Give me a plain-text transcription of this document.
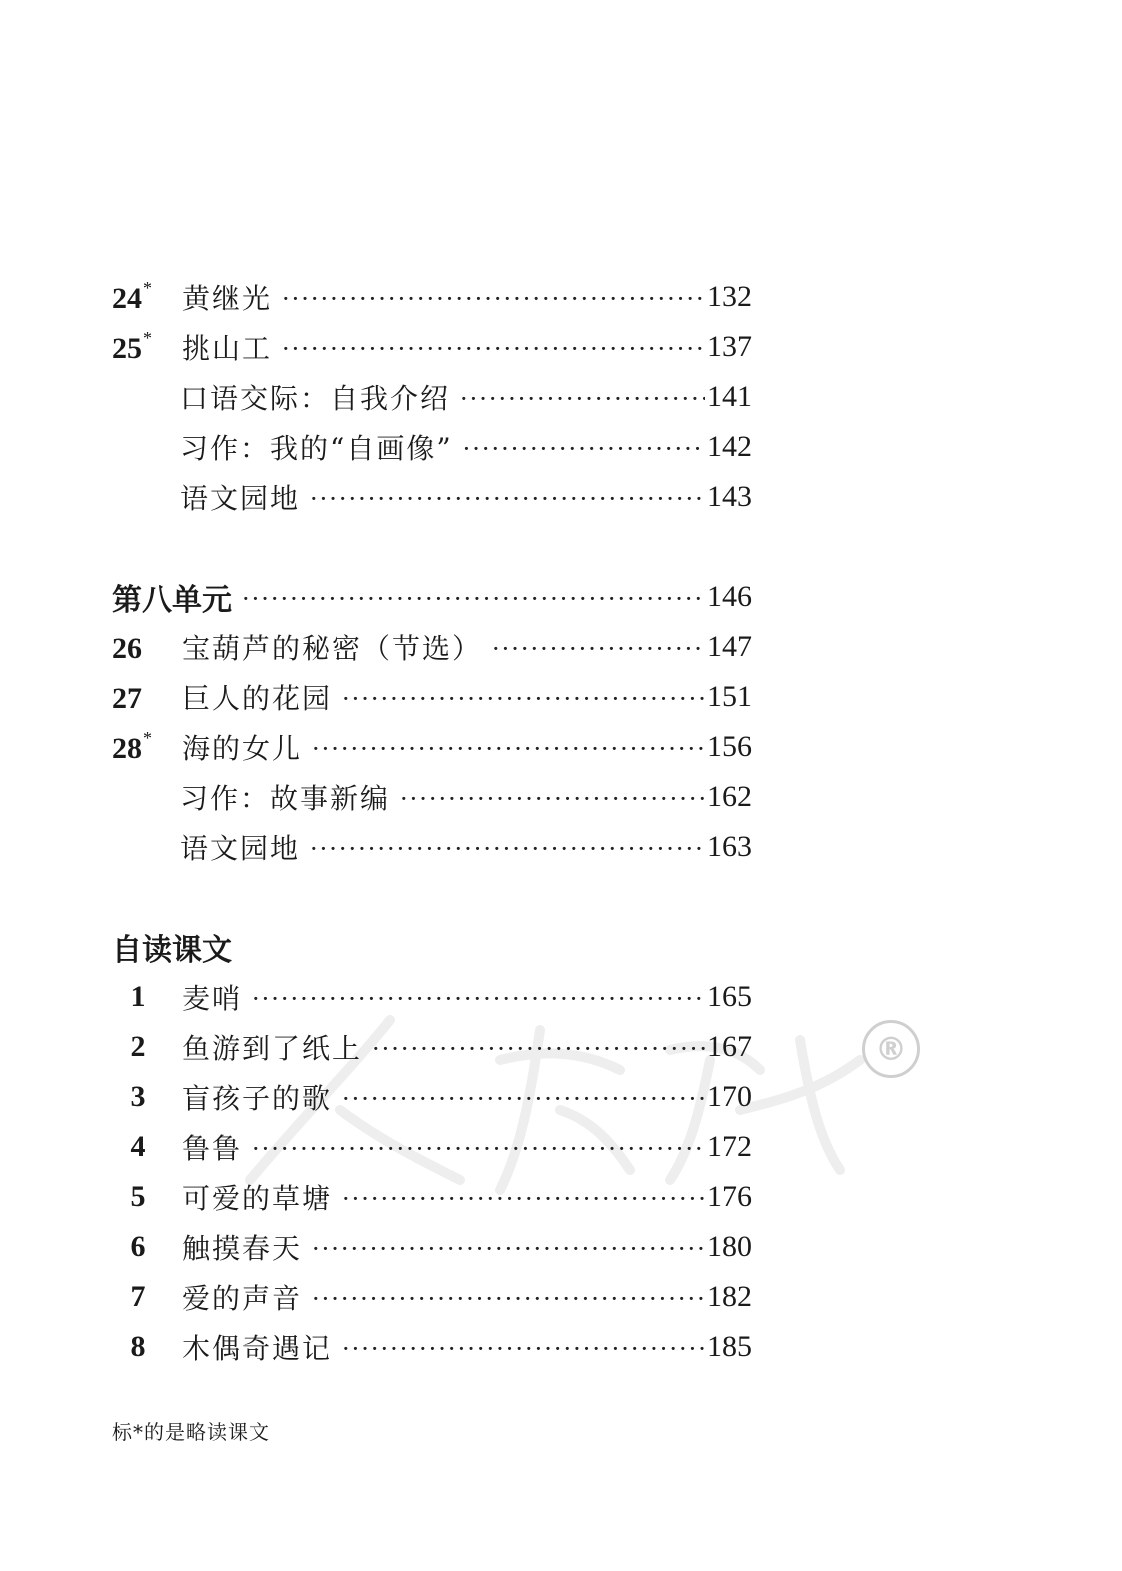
®
24*	黄继光 ·····	132
25*	挑山工 ·····	137
口语交际：自我介绍 ·····	141
习作：我的“自画像” ·····	142
语文园地 ·····	143
第八单元 ·····	146
26	宝葫芦的秘密（节选） ·····	147
27	巨人的花园 ·····	151
28*	海的女儿 ·····	156
习作：故事新编 ·····	162
语文园地 ·····	163
自读课文
1	麦哨 ·····	165
2	鱼游到了纸上 ·····	167
3	盲孩子的歌 ·····	170
4	鲁鲁 ·····	172
5	可爱的草塘 ·····	176
6	触摸春天 ·····	180
7	爱的声音 ·····	182
8	木偶奇遇记 ·····	185
标*的是略读课文
